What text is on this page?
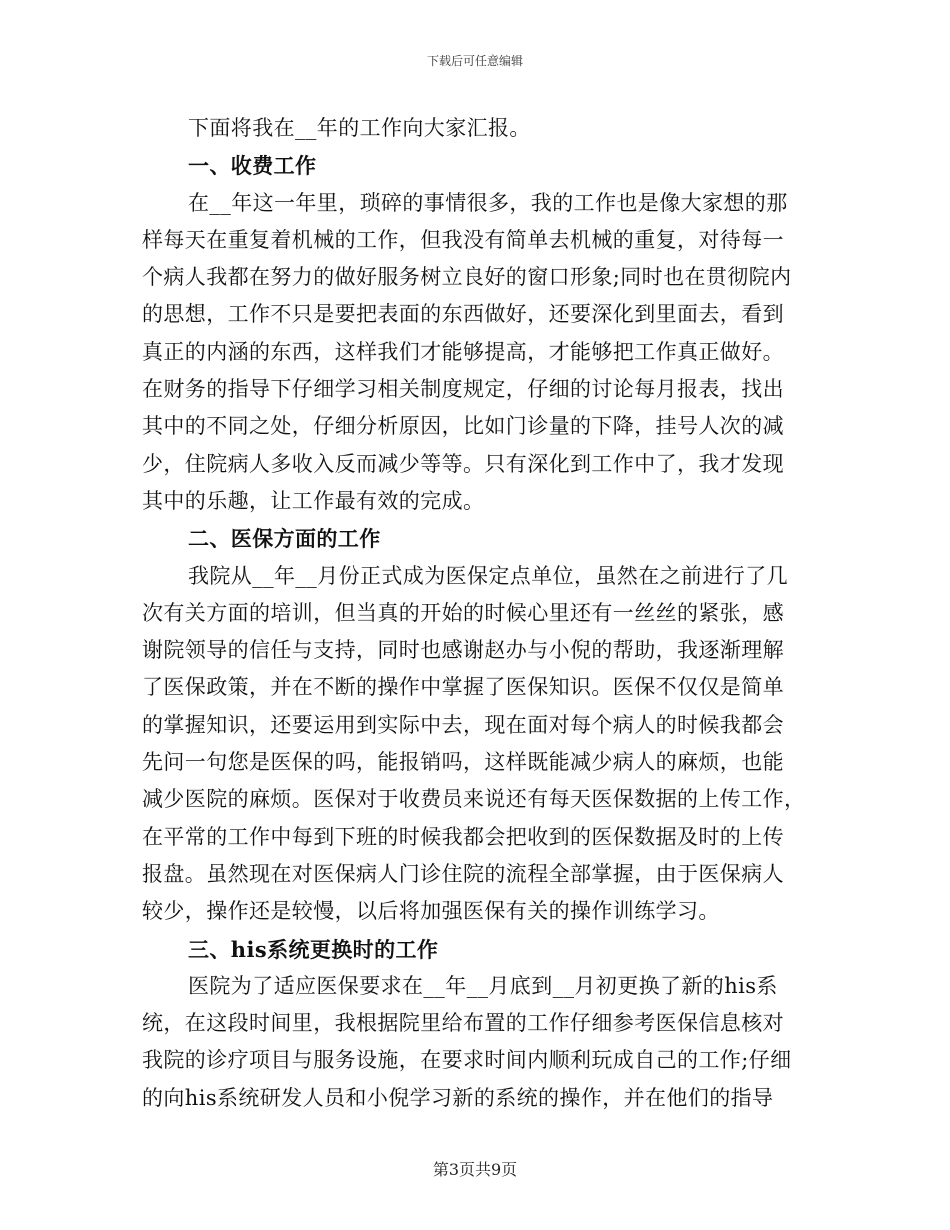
下载后可任意编辑
下面将我在__年的工作向大家汇报。
一、收费工作
在__年这一年里，琐碎的事情很多，我的工作也是像大家想的那
样每天在重复着机械的工作，但我没有简单去机械的重复，对待每一
个病人我都在努力的做好服务树立良好的窗口形象;同时也在贯彻院内
的思想，工作不只是要把表面的东西做好，还要深化到里面去，看到
真正的内涵的东西，这样我们才能够提高，才能够把工作真正做好。
在财务的指导下仔细学习相关制度规定，仔细的讨论每月报表，找出
其中的不同之处，仔细分析原因，比如门诊量的下降，挂号人次的减
少，住院病人多收入反而减少等等。只有深化到工作中了，我才发现
其中的乐趣，让工作最有效的完成。
二、医保方面的工作
我院从__年__月份正式成为医保定点单位，虽然在之前进行了几
次有关方面的培训，但当真的开始的时候心里还有一丝丝的紧张，感
谢院领导的信任与支持，同时也感谢赵办与小倪的帮助，我逐渐理解
了医保政策，并在不断的操作中掌握了医保知识。医保不仅仅是简单
的掌握知识，还要运用到实际中去，现在面对每个病人的时候我都会
先问一句您是医保的吗，能报销吗，这样既能减少病人的麻烦，也能
减少医院的麻烦。医保对于收费员来说还有每天医保数据的上传工作，
在平常的工作中每到下班的时候我都会把收到的医保数据及时的上传
报盘。虽然现在对医保病人门诊住院的流程全部掌握，由于医保病人
较少，操作还是较慢，以后将加强医保有关的操作训练学习。
三、his系统更换时的工作
医院为了适应医保要求在__年__月底到__月初更换了新的his系
统，在这段时间里，我根据院里给布置的工作仔细参考医保信息核对
我院的诊疗项目与服务设施，在要求时间内顺利玩成自己的工作;仔细
的向his系统研发人员和小倪学习新的系统的操作，并在他们的指导
第3页共9页
